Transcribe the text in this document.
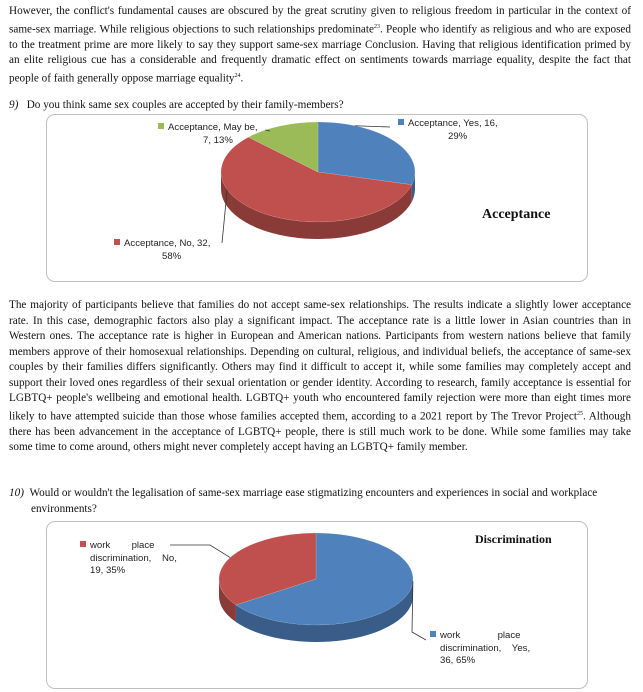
However, the conflict's fundamental causes are obscured by the great scrutiny given to religious freedom in particular in the context of same-sex marriage. While religious objections to such relationships predominate$^{23}$. People who identify as religious and who are exposed to the treatment prime are more likely to say they support same-sex marriage Conclusion. Having that religious identification primed by an elite religious cue has a considerable and frequently dramatic effect on sentiments towards marriage equality, despite the fact that people of faith generally oppose marriage equality$^{24}$.

9) Do you think same sex couples are accepted by their family-members?
Acceptance
Acceptance, May be,
7, 13%
Acceptance, Yes, 16,
29%
Acceptance, No, 32,
58%

The majority of participants believe that families do not accept same-sex relationships. The results indicate a slightly lower acceptance rate. In this case, demographic factors also play a significant impact. The acceptance rate is a little lower in Asian countries than in Western ones. The acceptance rate is higher in European and American nations. Participants from western nations believe that family members approve of their homosexual relationships. Depending on cultural, religious, and individual beliefs, the acceptance of same-sex couples by their families differs significantly. Others may find it difficult to accept it, while some families may completely accept and support their loved ones regardless of their sexual orientation or gender identity. According to research, family acceptance is essential for LGBTQ+ people's wellbeing and emotional health. LGBTQ+ youth who encountered family rejection were more than eight times more likely to have attempted suicide than those whose families accepted them, according to a 2021 report by The Trevor Project$^{25}$. Although there has been advancement in the acceptance of LGBTQ+ people, there is still much work to be done. While some families may take some time to come around, others might never completely accept having an LGBTQ+ family member.

10) Would or wouldn't the legalisation of same-sex marriage ease stigmatizing encounters and experiences in social and workplace environments?
Discrimination
work        place
discrimination,    No,
19, 35%
work              place
discrimination,    Yes,
36, 65%
